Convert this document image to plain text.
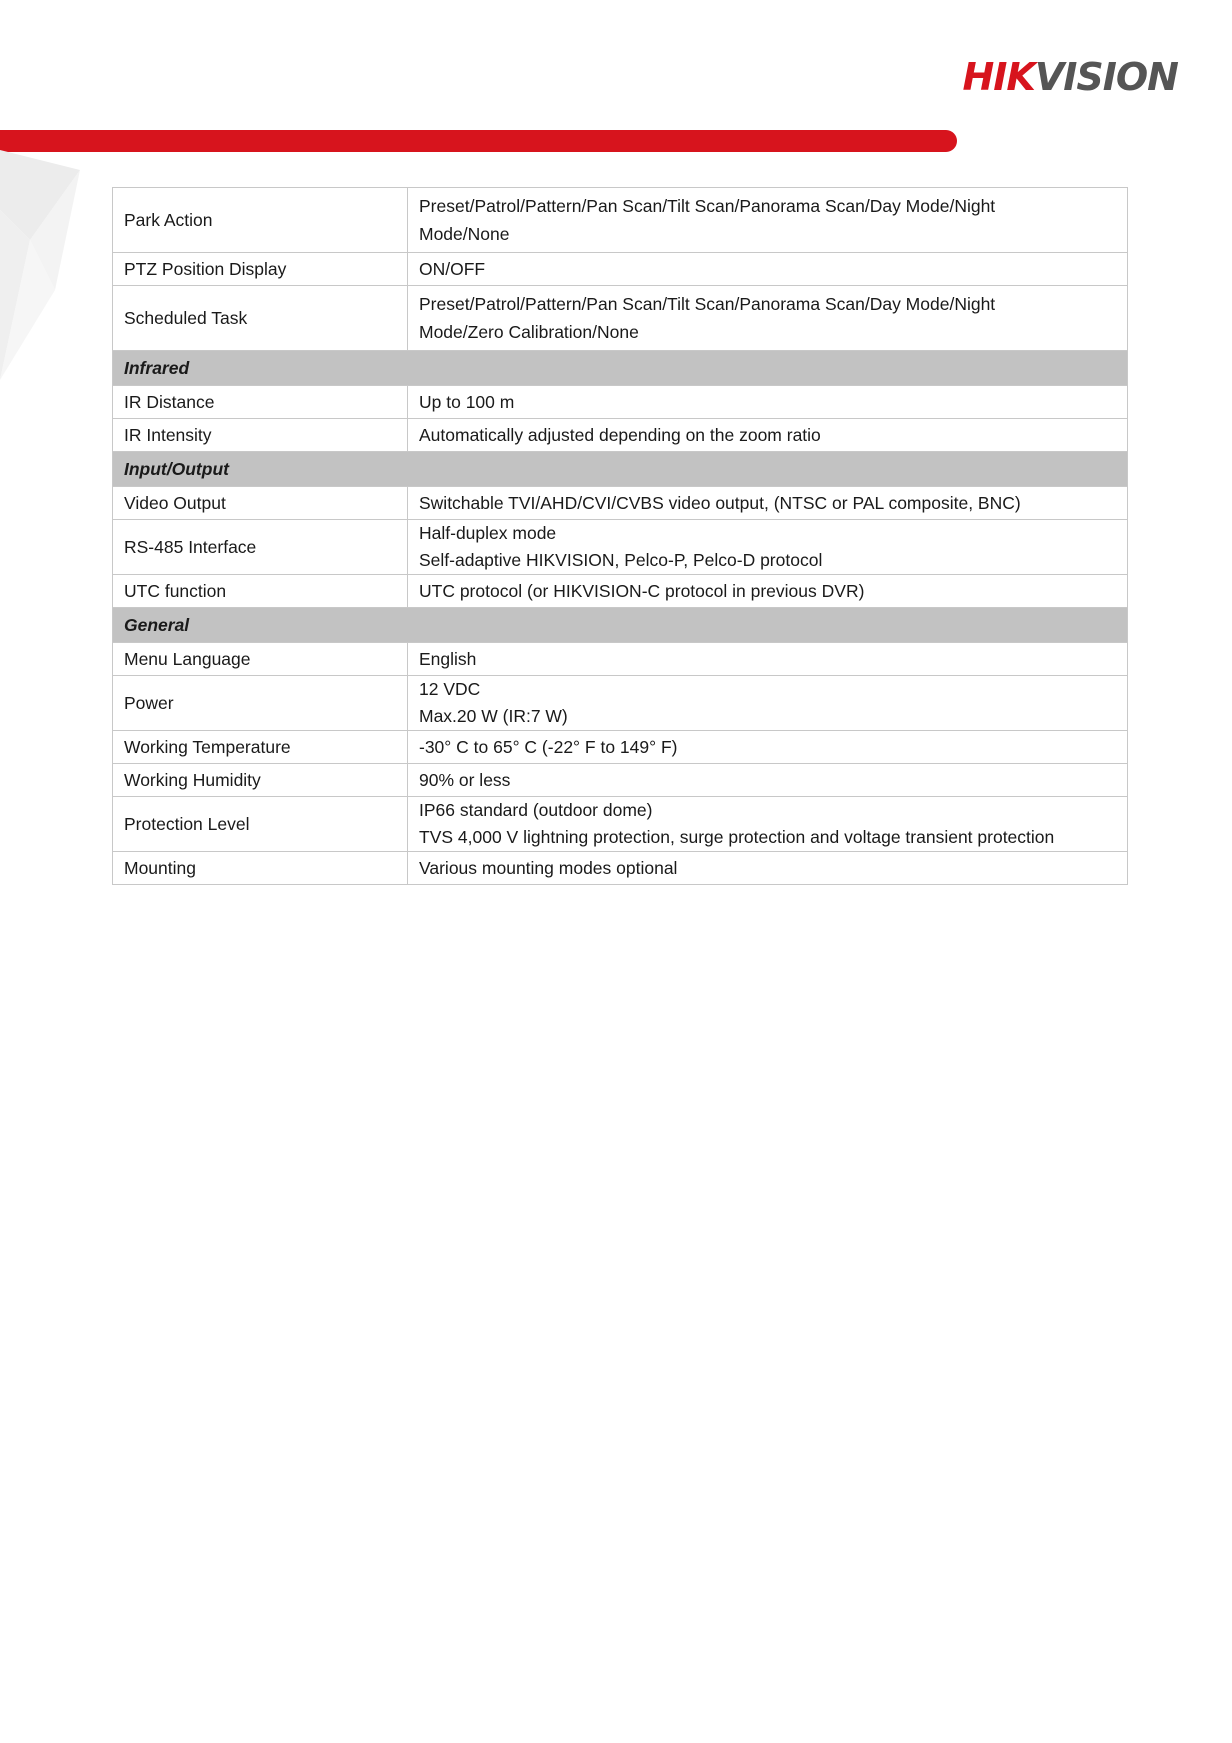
HIKVISION
Park Action	Preset/Patrol/Pattern/Pan Scan/Tilt Scan/Panorama Scan/Day Mode/Night
Mode/None

PTZ Position Display	ON/OFF

Scheduled Task	Preset/Patrol/Pattern/Pan Scan/Tilt Scan/Panorama Scan/Day Mode/Night
Mode/Zero Calibration/None

Infrared	
IR Distance	Up to 100 m

IR Intensity	Automatically adjusted depending on the zoom ratio

Input/Output	
Video Output	Switchable TVI/AHD/CVI/CVBS video output, (NTSC or PAL composite, BNC)

RS-485 Interface	Half-duplex mode
Self-adaptive HIKVISION, Pelco-P, Pelco-D protocol

UTC function	UTC protocol (or HIKVISION-C protocol in previous DVR)

General	
Menu Language	English

Power	12 VDC
Max.20 W (IR:7 W)

Working Temperature	-30° C to 65° C (-22° F to 149° F)

Working Humidity	90% or less

Protection Level	IP66 standard (outdoor dome)
TVS 4,000 V lightning protection, surge protection and voltage transient protection

Mounting	Various mounting modes optional
